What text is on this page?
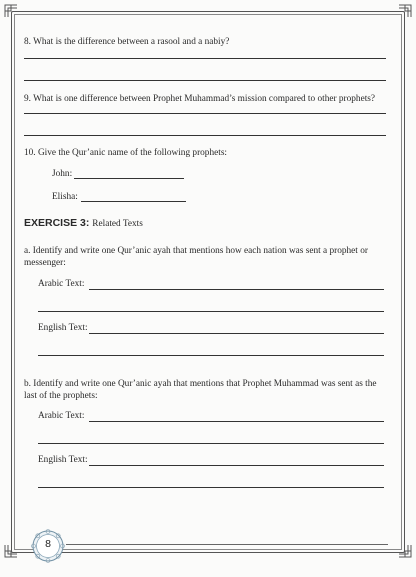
8. What is the difference between a rasool and a nabiy?
9. What is one difference between Prophet Muhammad’s mission compared to other prophets?
10. Give the Qur’anic name of the following prophets:
John:
Elisha:
EXERCISE 3: Related Texts
a. Identify and write one Qur’anic ayah that mentions how each nation was sent a prophet or messenger:
Arabic Text:
English Text:
b. Identify and write one Qur’anic ayah that mentions that Prophet Muhammad was sent as the last of the prophets:
Arabic Text:
English Text:
8
